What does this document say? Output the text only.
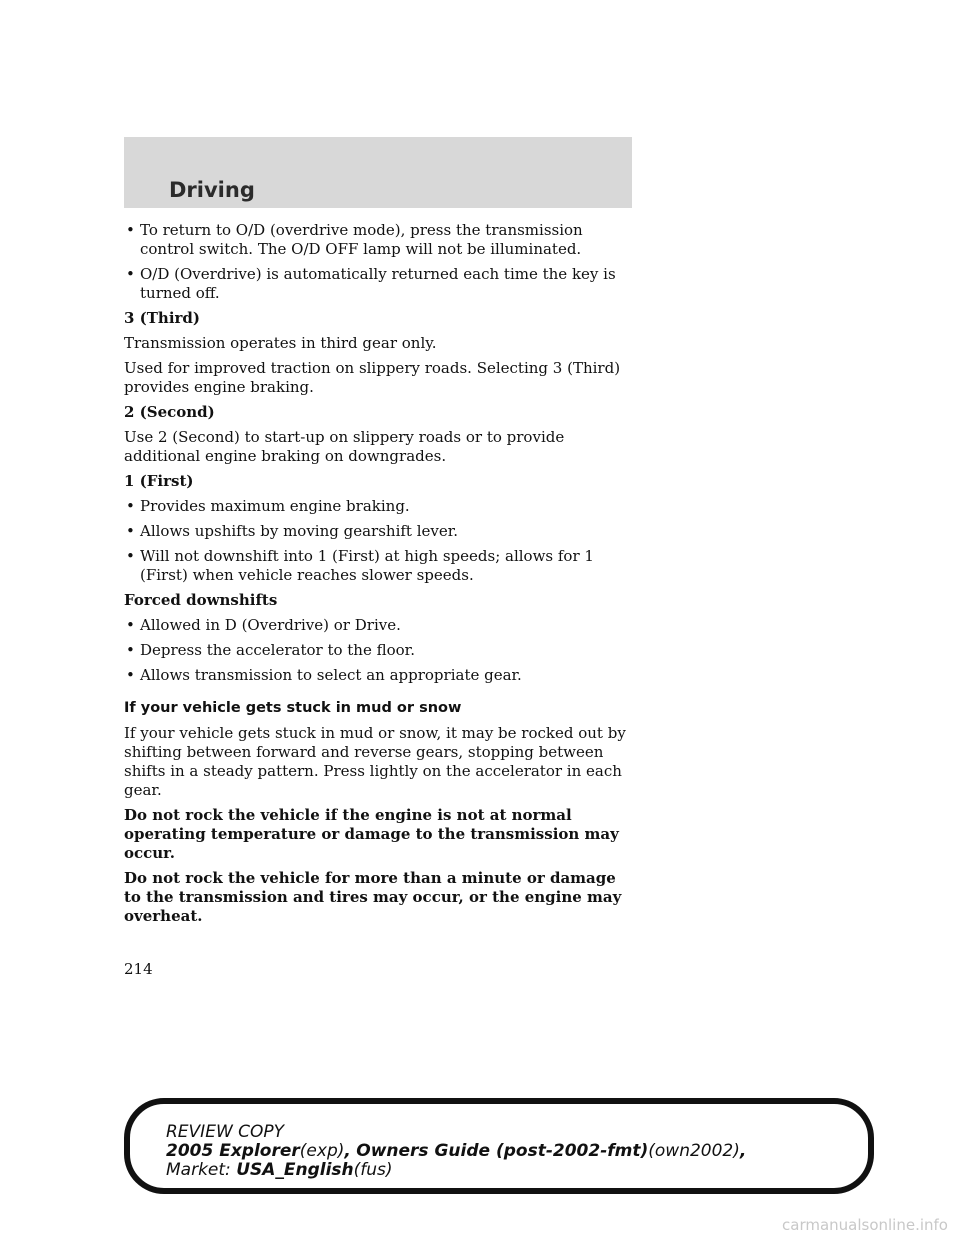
Driving
• To return to O/D (overdrive mode), press the transmission control switch. The O/D OFF lamp will not be illuminated.
• O/D (Overdrive) is automatically returned each time the key is turned off.

3 (Third)

Transmission operates in third gear only.

Used for improved traction on slippery roads. Selecting 3 (Third) provides engine braking.

2 (Second)

Use 2 (Second) to start-up on slippery roads or to provide additional engine braking on downgrades.

1 (First)

• Provides maximum engine braking.
• Allows upshifts by moving gearshift lever.
• Will not downshift into 1 (First) at high speeds; allows for 1 (First) when vehicle reaches slower speeds.

Forced downshifts

• Allowed in D (Overdrive) or Drive.
• Depress the accelerator to the floor.
• Allows transmission to select an appropriate gear.

If your vehicle gets stuck in mud or snow

If your vehicle gets stuck in mud or snow, it may be rocked out by shifting between forward and reverse gears, stopping between shifts in a steady pattern. Press lightly on the accelerator in each gear.

Do not rock the vehicle if the engine is not at normal operating temperature or damage to the transmission may occur.

Do not rock the vehicle for more than a minute or damage to the transmission and tires may occur, or the engine may overheat.

214
REVIEW COPY
2005 Explorer(exp), Owners Guide (post-2002-fmt)(own2002),
Market: USA_English(fus)
carmanualsonline.info
